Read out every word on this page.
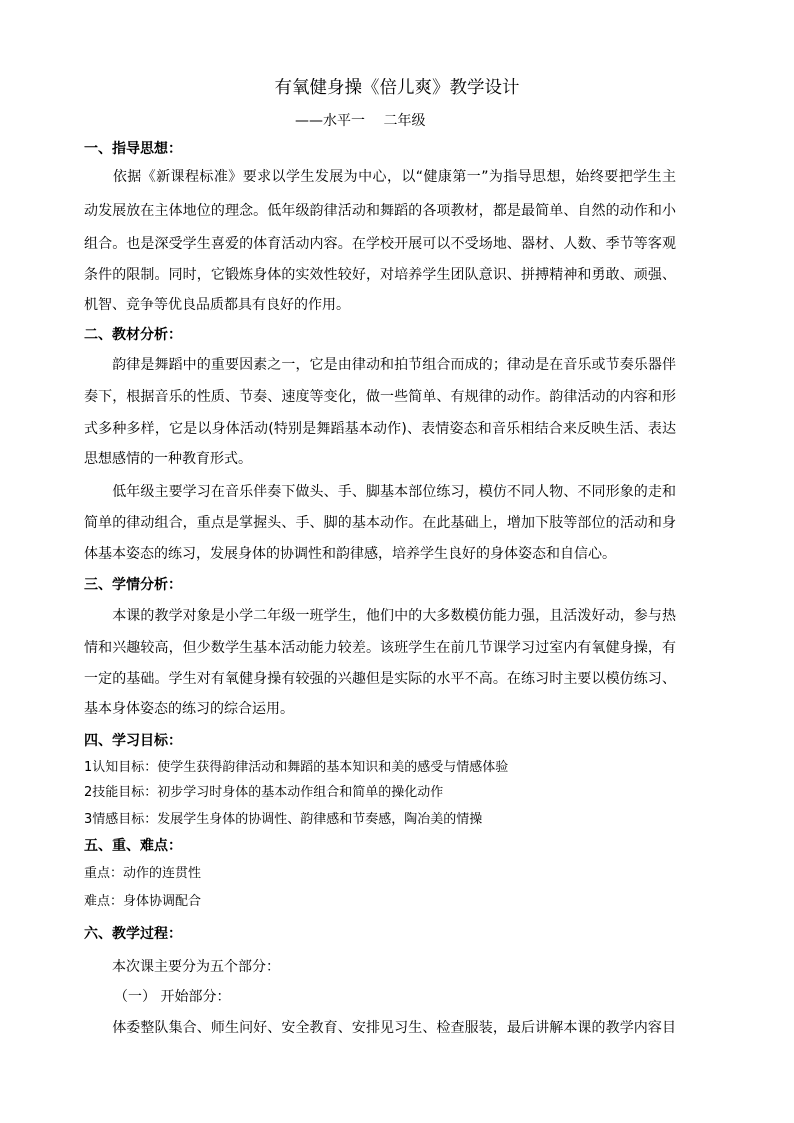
有氧健身操《倍儿爽》教学设计
——水平一　 二年级
一、指导思想：
　　依据《新课程标准》要求以学生发展为中心，以“健康第一”为指导思想，始终要把学生主
动发展放在主体地位的理念。低年级韵律活动和舞蹈的各项教材，都是最简单、自然的动作和小
组合。也是深受学生喜爱的体育活动内容。在学校开展可以不受场地、器材、人数、季节等客观
条件的限制。同时，它锻炼身体的实效性较好，对培养学生团队意识、拼搏精神和勇敢、顽强、
机智、竞争等优良品质都具有良好的作用。
二、教材分析：
　　韵律是舞蹈中的重要因素之一，它是由律动和拍节组合而成的；律动是在音乐或节奏乐器伴
奏下，根据音乐的性质、节奏、速度等变化，做一些简单、有规律的动作。韵律活动的内容和形
式多种多样，它是以身体活动(特别是舞蹈基本动作)、表情姿态和音乐相结合来反映生活、表达
思想感情的一种教育形式。
　　低年级主要学习在音乐伴奏下做头、手、脚基本部位练习，模仿不同人物、不同形象的走和
简单的律动组合，重点是掌握头、手、脚的基本动作。在此基础上，增加下肢等部位的活动和身
体基本姿态的练习，发展身体的协调性和韵律感，培养学生良好的身体姿态和自信心。
三、学情分析：
　　本课的教学对象是小学二年级一班学生，他们中的大多数模仿能力强，且活泼好动，参与热
情和兴趣较高，但少数学生基本活动能力较差。该班学生在前几节课学习过室内有氧健身操，有
一定的基础。学生对有氧健身操有较强的兴趣但是实际的水平不高。在练习时主要以模仿练习、
基本身体姿态的练习的综合运用。
四、学习目标：
1认知目标：使学生获得韵律活动和舞蹈的基本知识和美的感受与情感体验
2技能目标：初步学习时身体的基本动作组合和简单的操化动作
3情感目标：发展学生身体的协调性、韵律感和节奏感，陶冶美的情操
五、重、难点：
重点：动作的连贯性
难点：身体协调配合
六、教学过程：
　　本次课主要分为五个部分：
（一） 开始部分：
　　体委整队集合、师生问好、安全教育、安排见习生、检查服装，最后讲解本课的教学内容目
